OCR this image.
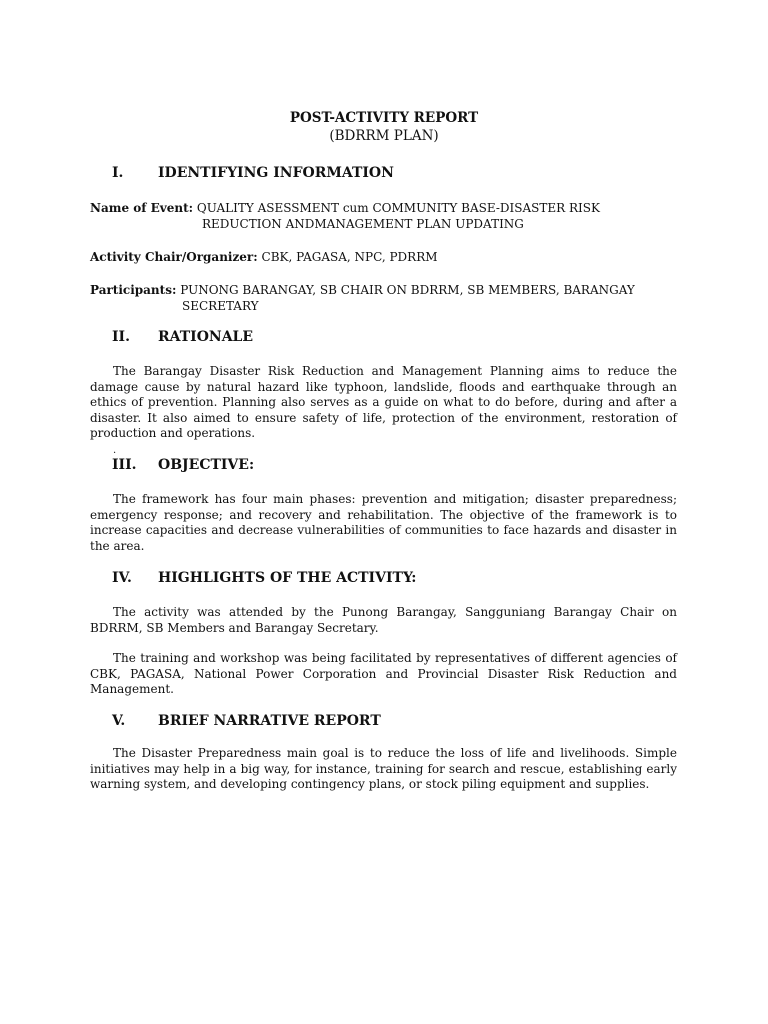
POST-ACTIVITY REPORT
(BDRRM PLAN)
I. IDENTIFYING INFORMATION
Name of Event: QUALITY ASESSMENT cum COMMUNITY BASE-DISASTER RISK
REDUCTION ANDMANAGEMENT PLAN UPDATING
Activity Chair/Organizer: CBK, PAGASA, NPC, PDRRM
Participants: PUNONG BARANGAY, SB CHAIR ON BDRRM, SB MEMBERS, BARANGAY
SECRETARY
II. RATIONALE
The Barangay Disaster Risk Reduction and Management Planning aims to reduce the damage cause by natural hazard like typhoon, landslide, floods and earthquake through an ethics of prevention. Planning also serves as a guide on what to do before, during and after a disaster. It also aimed to ensure safety of life, protection of the environment, restoration of production and operations.
.
III. OBJECTIVE:
The framework has four main phases: prevention and mitigation; disaster preparedness; emergency response; and recovery and rehabilitation. The objective of the framework is to increase capacities and decrease vulnerabilities of communities to face hazards and disaster in the area.
IV. HIGHLIGHTS OF THE ACTIVITY:
The activity was attended by the Punong Barangay, Sangguniang Barangay Chair on BDRRM, SB Members and Barangay Secretary.
The training and workshop was being facilitated by representatives of different agencies of CBK, PAGASA, National Power Corporation and Provincial Disaster Risk Reduction and Management.
V. BRIEF NARRATIVE REPORT
The Disaster Preparedness main goal is to reduce the loss of life and livelihoods. Simple initiatives may help in a big way, for instance, training for search and rescue, establishing early warning system, and developing contingency plans, or stock piling equipment and supplies.
